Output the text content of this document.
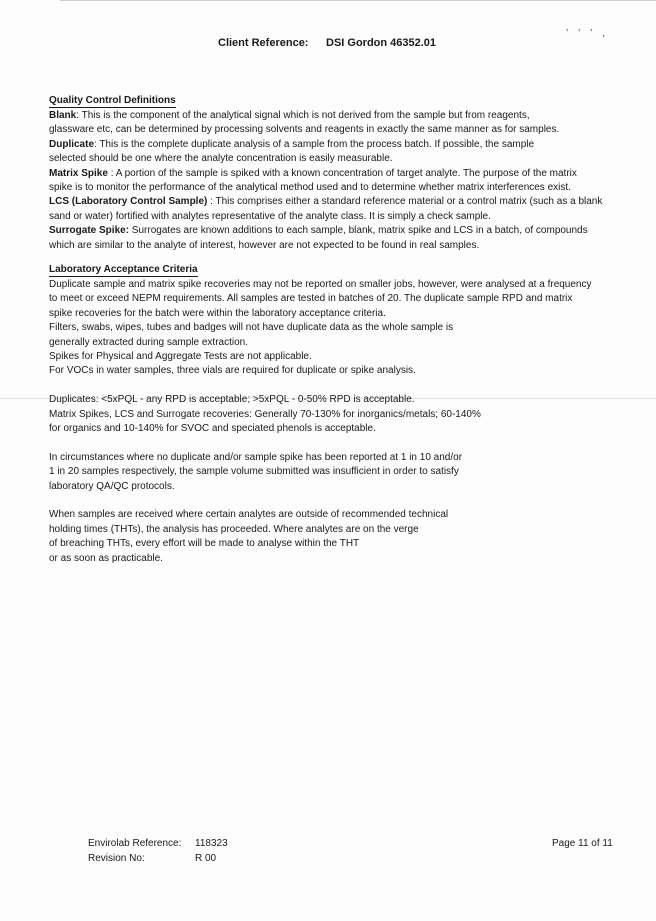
’’’,
Client Reference: DSI Gordon 46352.01
Quality Control Definitions
Blank: This is the component of the analytical signal which is not derived from the sample but from reagents,
glassware etc, can be determined by processing solvents and reagents in exactly the same manner as for samples.
Duplicate: This is the complete duplicate analysis of a sample from the process batch. If possible, the sample
selected should be one where the analyte concentration is easily measurable.
Matrix Spike : A portion of the sample is spiked with a known concentration of target analyte. The purpose of the matrix
spike is to monitor the performance of the analytical method used and to determine whether matrix interferences exist.
LCS (Laboratory Control Sample) : This comprises either a standard reference material or a control matrix (such as a blank
sand or water) fortified with analytes representative of the analyte class. It is simply a check sample.
Surrogate Spike: Surrogates are known additions to each sample, blank, matrix spike and LCS in a batch, of compounds
which are similar to the analyte of interest, however are not expected to be found in real samples.
Laboratory Acceptance Criteria
Duplicate sample and matrix spike recoveries may not be reported on smaller jobs, however, were analysed at a frequency
to meet or exceed NEPM requirements. All samples are tested in batches of 20. The duplicate sample RPD and matrix
spike recoveries for the batch were within the laboratory acceptance criteria.
Filters, swabs, wipes, tubes and badges will not have duplicate data as the whole sample is
generally extracted during sample extraction.
Spikes for Physical and Aggregate Tests are not applicable.
For VOCs in water samples, three vials are required for duplicate or spike analysis.
Duplicates: <5xPQL - any RPD is acceptable; >5xPQL - 0-50% RPD is acceptable.
Matrix Spikes, LCS and Surrogate recoveries: Generally 70-130% for inorganics/metals; 60-140%
for organics and 10-140% for SVOC and speciated phenols is acceptable.
In circumstances where no duplicate and/or sample spike has been reported at 1 in 10 and/or
1 in 20 samples respectively, the sample volume submitted was insufficient in order to satisfy
laboratory QA/QC protocols.
When samples are received where certain analytes are outside of recommended technical
holding times (THTs), the analysis has proceeded. Where analytes are on the verge
of breaching THTs, every effort will be made to analyse within the THT
or as soon as practicable.
Envirolab Reference: 118323
Revision No:	R 00
Page 11 of 11
